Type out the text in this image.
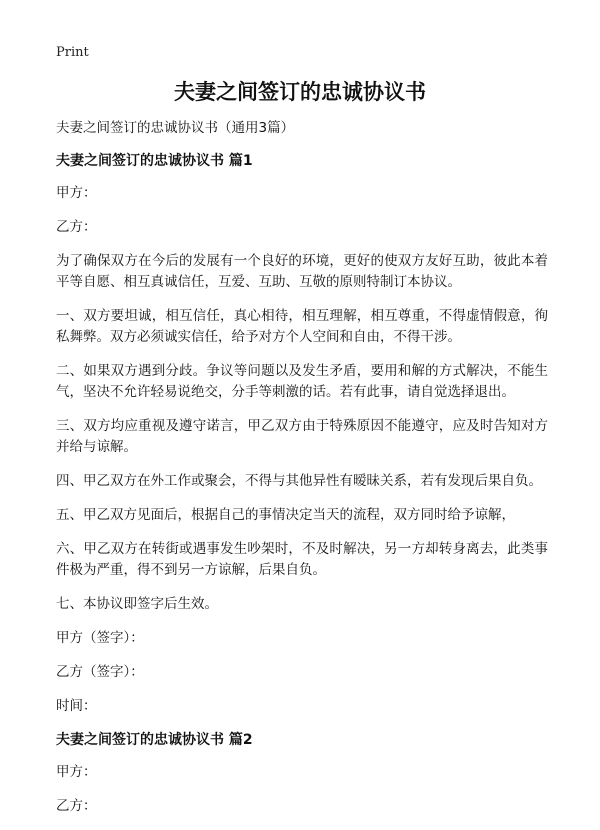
Print
夫妻之间签订的忠诚协议书
夫妻之间签订的忠诚协议书（通用3篇）
夫妻之间签订的忠诚协议书 篇1

甲方：

乙方：

为了确保双方在今后的发展有一个良好的环境，更好的使双方友好互助，彼此本着平等自愿、相互真诚信任，互爱、互助、互敬的原则特制订本协议。

一、双方要坦诚，相互信任，真心相待，相互理解，相互尊重，不得虚情假意，徇私舞弊。双方必须诚实信任，给予对方个人空间和自由，不得干涉。

二、如果双方遇到分歧。争议等问题以及发生矛盾，要用和解的方式解决，不能生气，坚决不允许轻易说绝交，分手等刺激的话。若有此事，请自觉选择退出。

三、双方均应重视及遵守诺言，甲乙双方由于特殊原因不能遵守，应及时告知对方并给与谅解。

四、甲乙双方在外工作或聚会，不得与其他异性有暧昧关系，若有发现后果自负。

五、甲乙双方见面后，根据自己的事情决定当天的流程，双方同时给予谅解，

六、甲乙双方在转街或遇事发生吵架时，不及时解决，另一方却转身离去，此类事件极为严重，得不到另一方谅解，后果自负。

七、本协议即签字后生效。

甲方（签字）：

乙方（签字）：

时间：

夫妻之间签订的忠诚协议书 篇2

甲方：

乙方：
